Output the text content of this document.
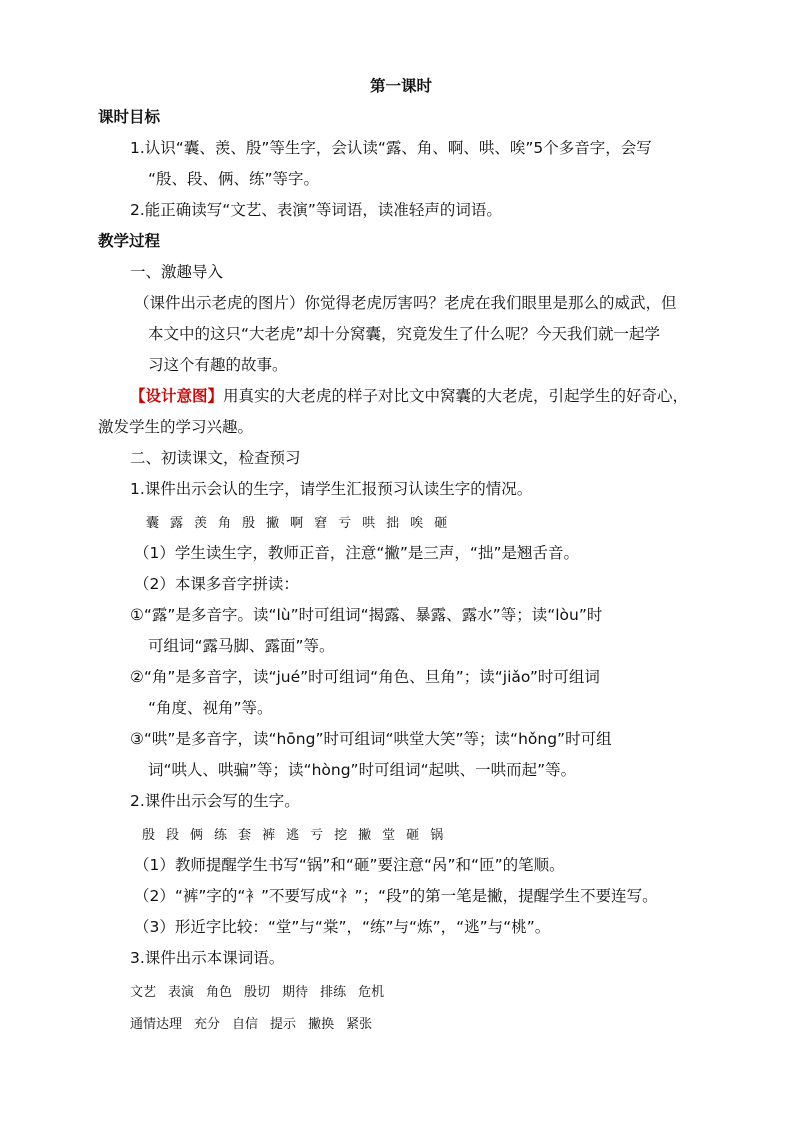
第一课时
课时目标
1.认识“囊、羡、殷”等生字，会认读“露、角、啊、哄、唉”5个多音字，会写
“殷、段、俩、练”等字。
2.能正确读写“文艺、表演”等词语，读准轻声的词语。
教学过程
一、激趣导入
（课件出示老虎的图片）你觉得老虎厉害吗？老虎在我们眼里是那么的威武，但
本文中的这只“大老虎”却十分窝囊，究竟发生了什么呢？今天我们就一起学
习这个有趣的故事。
【设计意图】用真实的大老虎的样子对比文中窝囊的大老虎，引起学生的好奇心，
激发学生的学习兴趣。
二、初读课文，检查预习
1.课件出示会认的生字，请学生汇报预习认读生字的情况。
囊 露 羡 角 殷 撇 啊 窘 亏 哄 拙 唉 砸
（1）学生读生字，教师正音，注意“撇”是三声，“拙”是翘舌音。
（2）本课多音字拼读：
①“露”是多音字。读“lù”时可组词“揭露、暴露、露水”等；读“lòu”时
可组词“露马脚、露面”等。
②“角”是多音字，读“jué”时可组词“角色、旦角”；读“jiǎo”时可组词
“角度、视角”等。
③“哄”是多音字，读“hōng”时可组词“哄堂大笑”等；读“hǒng”时可组
词“哄人、哄骗”等；读“hòng”时可组词“起哄、一哄而起”等。
2.课件出示会写的生字。
殷 段 俩 练 套 裤 逃 亏 挖 撇 堂 砸 锅
（1）教师提醒学生书写“锅”和“砸”要注意“呙”和“匝”的笔顺。
（2）“裤”字的“衤”不要写成“礻”；“段”的第一笔是撇，提醒学生不要连写。
（3）形近字比较：“堂”与“棠”，“练”与“炼”，“逃”与“桃”。
3.课件出示本课词语。
文艺 表演 角色 殷切 期待 排练 危机
通情达理 充分 自信 提示 撇换 紧张
